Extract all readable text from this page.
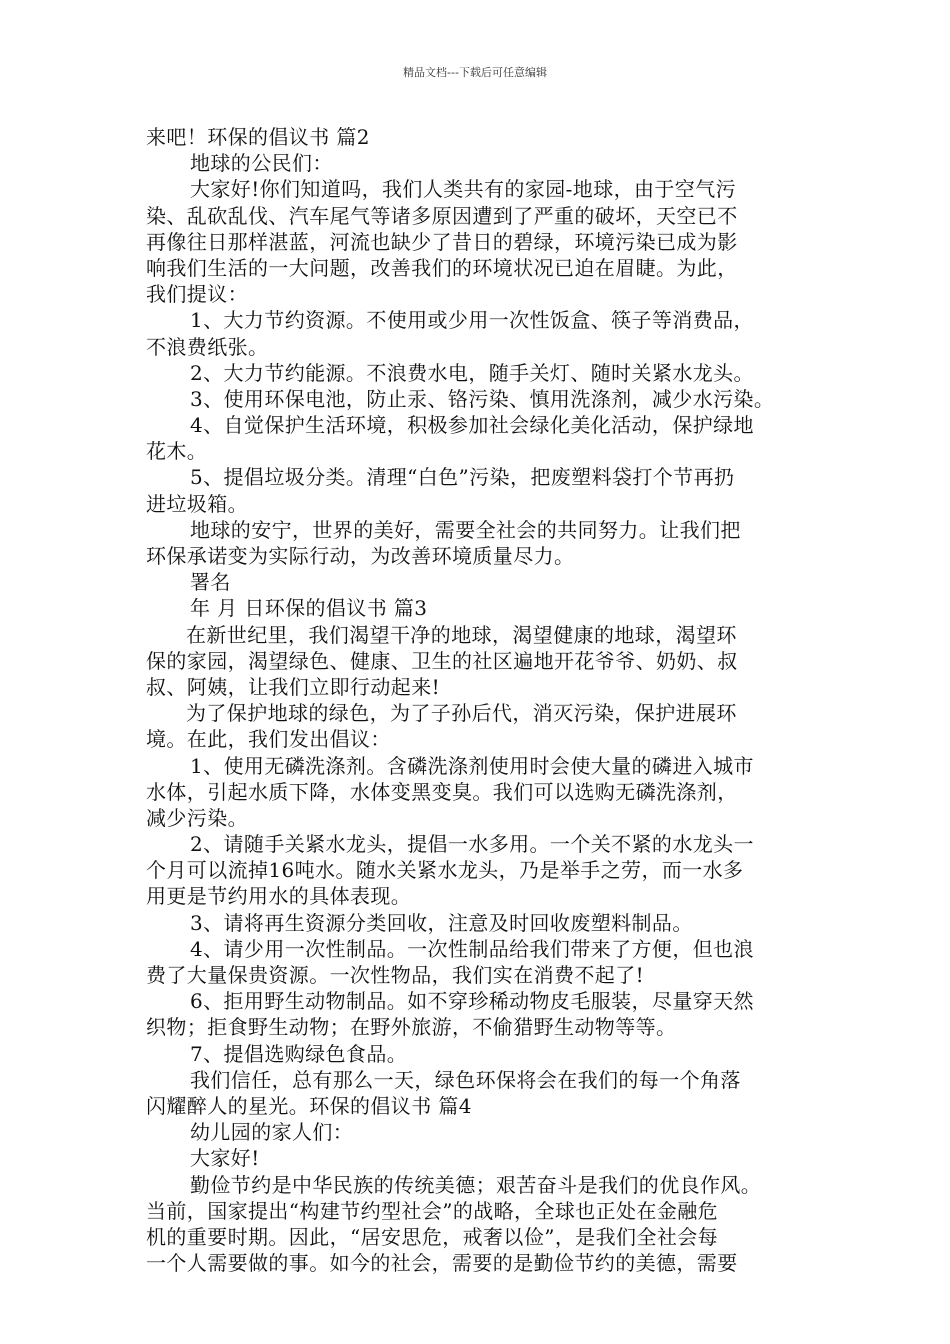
精品文档---下载后可任意编辑
来吧！环保的倡议书 篇2
地球的公民们：
大家好!你们知道吗，我们人类共有的家园-地球，由于空气污
染、乱砍乱伐、汽车尾气等诸多原因遭到了严重的破坏，天空已不
再像往日那样湛蓝，河流也缺少了昔日的碧绿，环境污染已成为影
响我们生活的一大问题，改善我们的环境状况已迫在眉睫。为此，
我们提议：
1、大力节约资源。不使用或少用一次性饭盒、筷子等消费品，
不浪费纸张。
2、大力节约能源。不浪费水电，随手关灯、随时关紧水龙头。
3、使用环保电池，防止汞、铬污染、慎用洗涤剂，减少水污染。
4、自觉保护生活环境，积极参加社会绿化美化活动，保护绿地
花木。
5、提倡垃圾分类。清理“白色”污染，把废塑料袋打个节再扔
进垃圾箱。
地球的安宁，世界的美好，需要全社会的共同努力。让我们把
环保承诺变为实际行动，为改善环境质量尽力。
署名
年 月 日环保的倡议书 篇3
在新世纪里，我们渴望干净的地球，渴望健康的地球，渴望环
保的家园，渴望绿色、健康、卫生的社区遍地开花爷爷、奶奶、叔
叔、阿姨，让我们立即行动起来!
为了保护地球的绿色，为了子孙后代，消灭污染，保护进展环
境。在此，我们发出倡议：
1、使用无磷洗涤剂。含磷洗涤剂使用时会使大量的磷进入城市
水体，引起水质下降，水体变黑变臭。我们可以选购无磷洗涤剂，
减少污染。
2、请随手关紧水龙头，提倡一水多用。一个关不紧的水龙头一
个月可以流掉16吨水。随水关紧水龙头，乃是举手之劳，而一水多
用更是节约用水的具体表现。
3、请将再生资源分类回收，注意及时回收废塑料制品。
4、请少用一次性制品。一次性制品给我们带来了方便，但也浪
费了大量保贵资源。一次性物品，我们实在消费不起了!
6、拒用野生动物制品。如不穿珍稀动物皮毛服装，尽量穿天然
织物；拒食野生动物；在野外旅游，不偷猎野生动物等等。
7、提倡选购绿色食品。
我们信任，总有那么一天，绿色环保将会在我们的每一个角落
闪耀醉人的星光。环保的倡议书 篇4
幼儿园的家人们：
大家好!
勤俭节约是中华民族的传统美德；艰苦奋斗是我们的优良作风。
当前，国家提出“构建节约型社会”的战略，全球也正处在金融危
机的重要时期。因此，“居安思危，戒奢以俭”，是我们全社会每
一个人需要做的事。如今的社会，需要的是勤俭节约的美德，需要
